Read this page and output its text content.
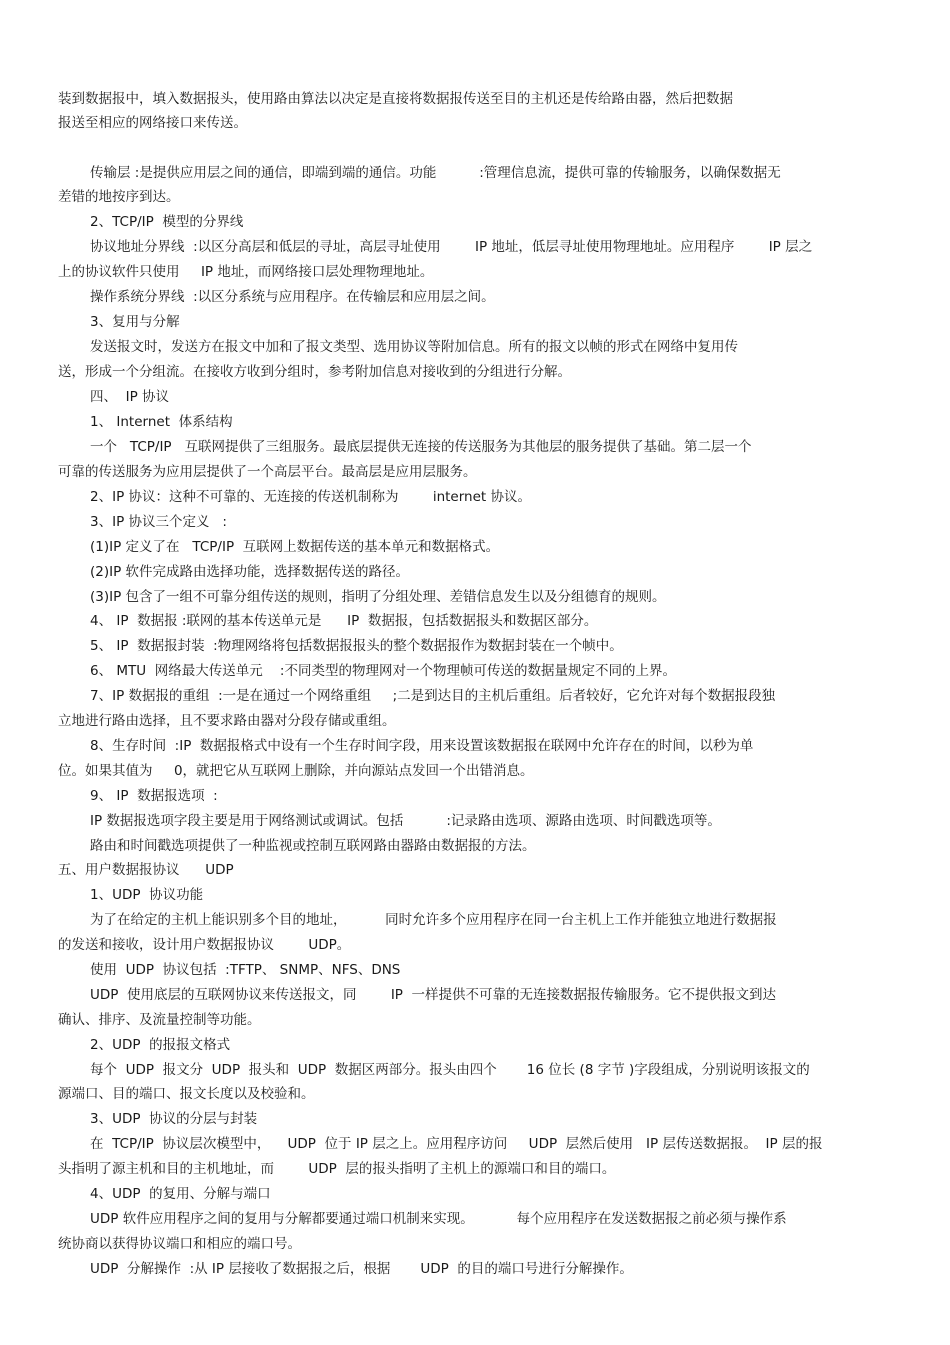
装到数据报中，填入数据报头，使用路由算法以决定是直接将数据报传送至目的主机还是传给路由器，然后把数据

报送至相应的网络接口来传送。

传输层 :是提供应用层之间的通信，即端到端的通信。功能          :管理信息流，提供可靠的传输服务，以确保数据无

差错的地按序到达。

2、TCP/IP  模型的分界线

协议地址分界线  :以区分高层和低层的寻址，高层寻址使用        IP 地址，低层寻址使用物理地址。应用程序        IP 层之

上的协议软件只使用     IP 地址，而网络接口层处理物理地址。

操作系统分界线  :以区分系统与应用程序。在传输层和应用层之间。

3、复用与分解

发送报文时，发送方在报文中加和了报文类型、选用协议等附加信息。所有的报文以帧的形式在网络中复用传

送，形成一个分组流。在接收方收到分组时，参考附加信息对接收到的分组进行分解。

四、  IP 协议

1、 Internet  体系结构

一个   TCP/IP   互联网提供了三组服务。最底层提供无连接的传送服务为其他层的服务提供了基础。第二层一个

可靠的传送服务为应用层提供了一个高层平台。最高层是应用层服务。

2、IP 协议：这种不可靠的、无连接的传送机制称为        internet 协议。

3、IP 协议三个定义   :

(1)IP 定义了在   TCP/IP  互联网上数据传送的基本单元和数据格式。

(2)IP 软件完成路由选择功能，选择数据传送的路径。

(3)IP 包含了一组不可靠分组传送的规则，指明了分组处理、差错信息发生以及分组德育的规则。

4、 IP  数据报 :联网的基本传送单元是      IP  数据报，包括数据报头和数据区部分。

5、 IP  数据报封装  :物理网络将包括数据报报头的整个数据报作为数据封装在一个帧中。

6、 MTU  网络最大传送单元    :不同类型的物理网对一个物理帧可传送的数据量规定不同的上界。

7、IP 数据报的重组  :一是在通过一个网络重组     ;二是到达目的主机后重组。后者较好，它允许对每个数据报段独

立地进行路由选择，且不要求路由器对分段存储或重组。

8、生存时间  :IP  数据报格式中设有一个生存时间字段，用来设置该数据报在联网中允许存在的时间，以秒为单

位。如果其值为     0，就把它从互联网上删除，并向源站点发回一个出错消息。

9、 IP  数据报选项  :

IP 数据报选项字段主要是用于网络测试或调试。包括          :记录路由选项、源路由选项、时间戳选项等。

路由和时间戳选项提供了一种监视或控制互联网路由器路由数据报的方法。

五、用户数据报协议      UDP

1、UDP  协议功能

为了在给定的主机上能识别多个目的地址，         同时允许多个应用程序在同一台主机上工作并能独立地进行数据报

的发送和接收，设计用户数据报协议        UDP。

使用  UDP  协议包括  :TFTP、 SNMP、NFS、DNS

UDP  使用底层的互联网协议来传送报文，同        IP  一样提供不可靠的无连接数据报传输服务。它不提供报文到达

确认、排序、及流量控制等功能。

2、UDP  的报报文格式

每个  UDP  报文分  UDP  报头和  UDP  数据区两部分。报头由四个       16 位长 (8 字节 )字段组成，分别说明该报文的

源端口、目的端口、报文长度以及校验和。

3、UDP  协议的分层与封装

在  TCP/IP  协议层次模型中，    UDP  位于 IP 层之上。应用程序访问     UDP  层然后使用   IP 层传送数据报。  IP 层的报

头指明了源主机和目的主机地址，而        UDP  层的报头指明了主机上的源端口和目的端口。

4、UDP  的复用、分解与端口

UDP 软件应用程序之间的复用与分解都要通过端口机制来实现。          每个应用程序在发送数据报之前必须与操作系

统协商以获得协议端口和相应的端口号。

UDP  分解操作  :从 IP 层接收了数据报之后，根据       UDP  的目的端口号进行分解操作。
